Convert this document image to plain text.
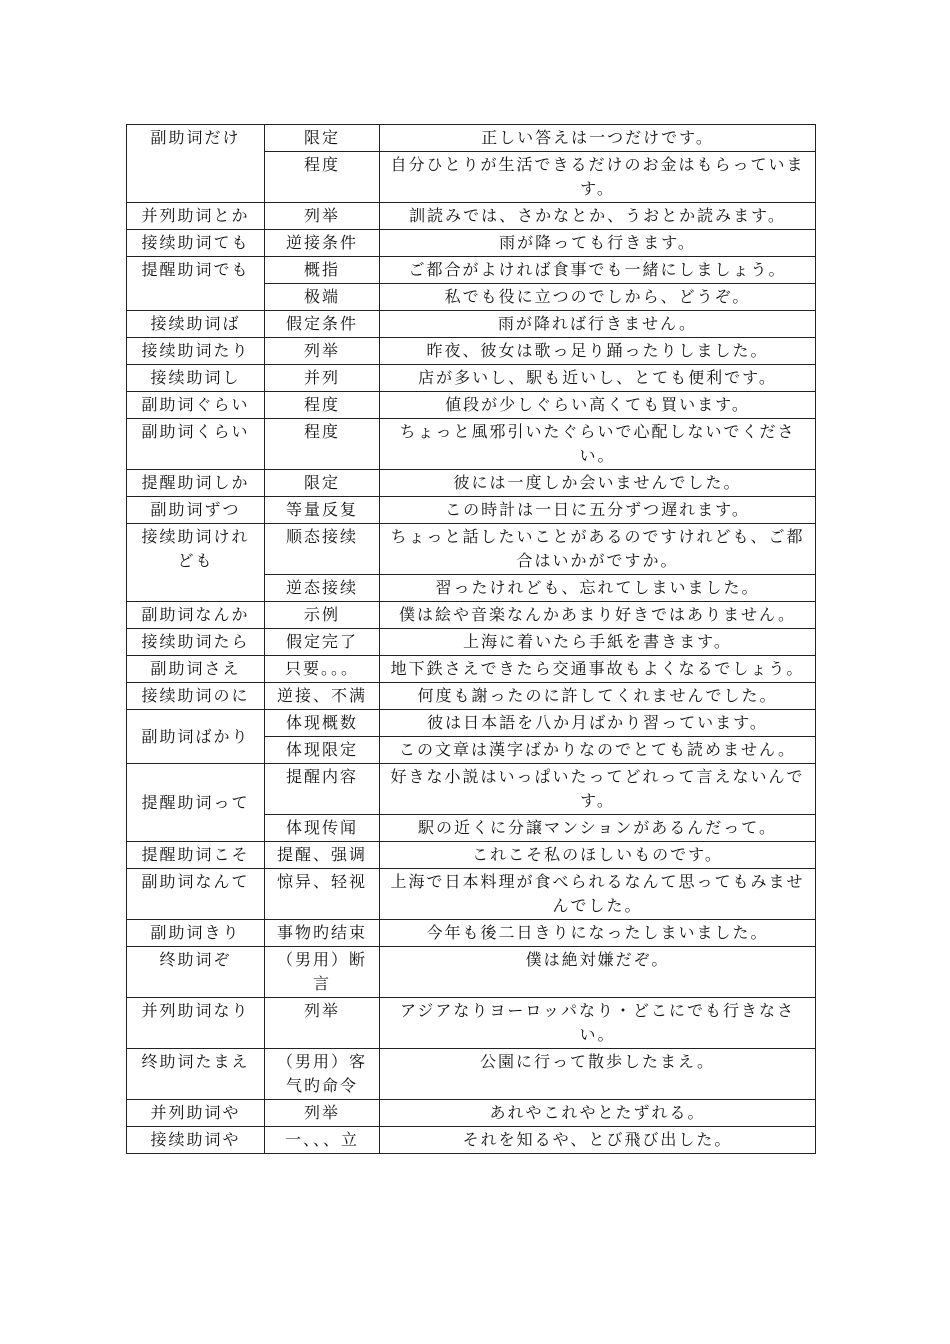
副助词だけ	限定	正しい答えは一つだけです。
	程度	自分ひとりが生活できるだけのお金はもらっています。
并列助词とか	列举	訓読みでは、さかなとか、うおとか読みます。
接续助词ても	逆接条件	雨が降っても行きます。
提醒助词でも	概指	ご都合がよければ食事でも一緒にしましょう。
	极端	私でも役に立つのでしから、どうぞ。
接续助词ば	假定条件	雨が降れば行きません。
接续助词たり	列举	昨夜、彼女は歌っ足り踊ったりしました。
接续助词し	并列	店が多いし、駅も近いし、とても便利です。
副助词ぐらい	程度	値段が少しぐらい高くても買います。
副助词くらい	程度	ちょっと風邪引いたぐらいで心配しないでください。
提醒助词しか	限定	彼には一度しか会いませんでした。
副助词ずつ	等量反复	この時計は一日に五分ずつ遅れます。
接续助词けれども	顺态接续	ちょっと話したいことがあるのですけれども、ご都合はいかがですか。
	逆态接续	習ったけれども、忘れてしまいました。
副助词なんか	示例	僕は絵や音楽なんかあまり好きではありません。
接续助词たら	假定完了	上海に着いたら手紙を書きます。
副助词さえ	只要。。。	地下鉄さえできたら交通事故もよくなるでしょう。
接续助词のに	逆接、不满	何度も謝ったのに許してくれませんでした。
副助词ばかり	体现概数	彼は日本語を八か月ばかり習っています。
	体现限定	この文章は漢字ばかりなのでとても読めません。
提醒助词って	提醒内容	好きな小説はいっぱいたってどれって言えないんです。
	体现传闻	駅の近くに分譲マンションがあるんだって。
提醒助词こそ	提醒、强调	これこそ私のほしいものです。
副助词なんて	惊异、轻视	上海で日本料理が食べられるなんて思ってもみませんでした。
副助词きり	事物旳结束	今年も後二日きりになったしまいました。
终助词ぞ	（男用）断言	僕は絶対嫌だぞ。
并列助词なり	列举	アジアなりヨーロッパなり・どこにでも行きなさい。
终助词たまえ	（男用）客气旳命令	公園に行って散歩したまえ。
并列助词や	列举	あれやこれやとたずれる。
接续助词や	一、、、立	それを知るや、とび飛び出した。
